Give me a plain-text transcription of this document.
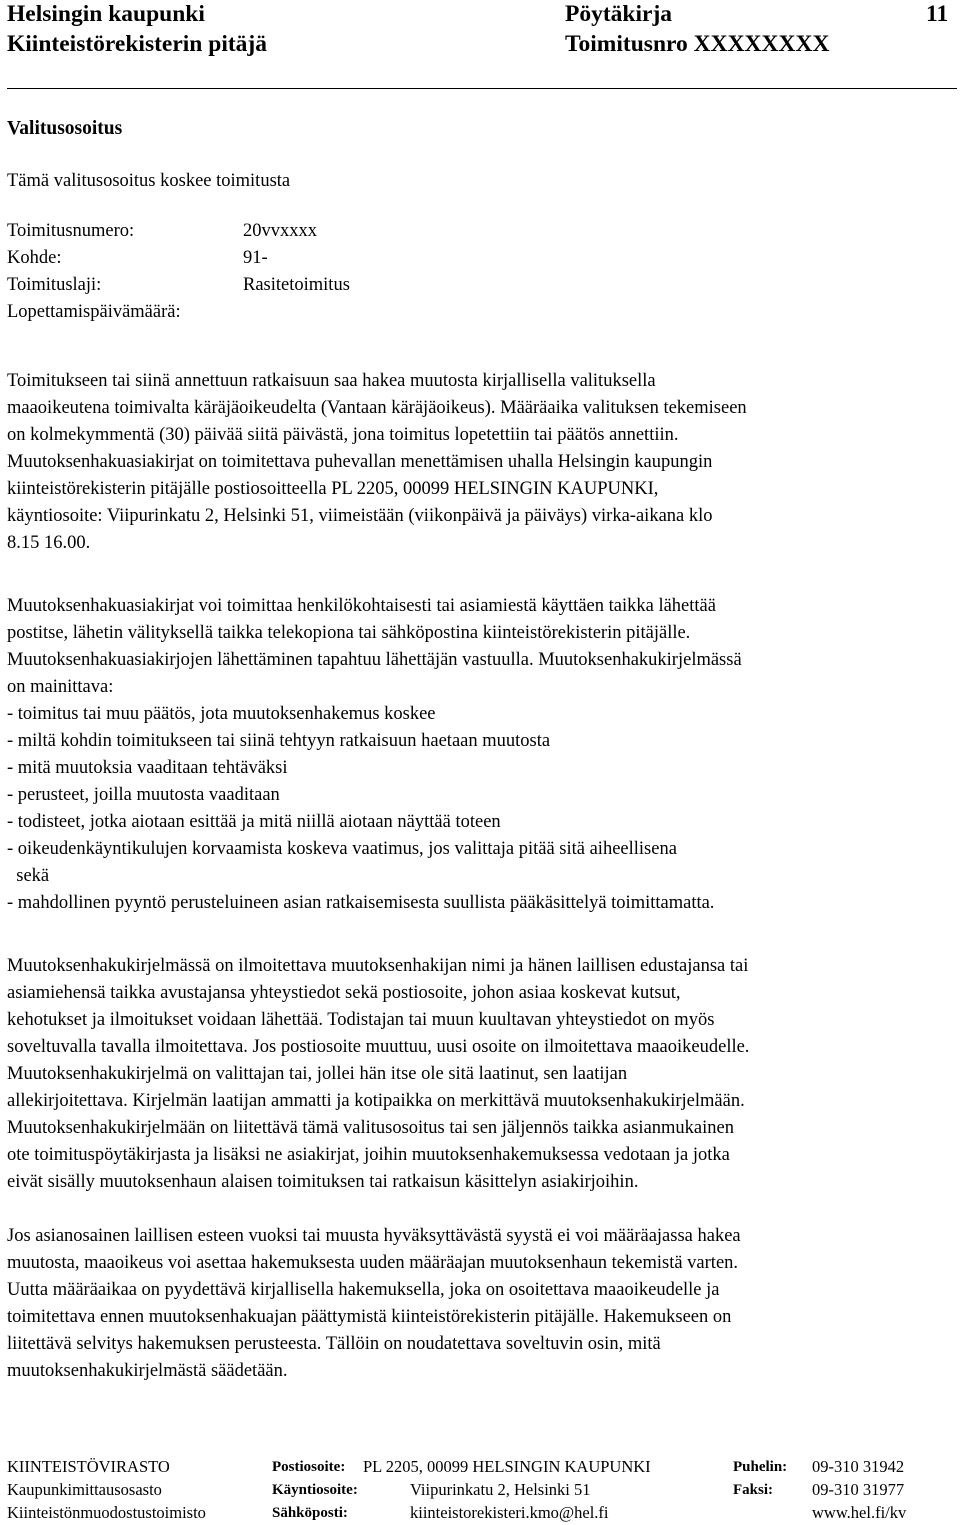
Helsingin kaupunki
Kiinteistörekisterin pitäjä
Pöytäkirja
Toimitusnro XXXXXXXX
11
Valitusosoitus
Tämä valitusosoitus koskee toimitusta
Toimitusnumero:	20vvxxxx
Kohde:	91-
Toimituslaji:	Rasitetoimitus
Lopettamispäivämäärä:
Toimitukseen tai siinä annettuun ratkaisuun saa hakea muutosta kirjallisella valituksella
maaoikeutena toimivalta käräjäoikeudelta (Vantaan käräjäoikeus). Määräaika valituksen tekemiseen
on kolmekymmentä (30) päivää siitä päivästä, jona toimitus lopetettiin tai päätös annettiin.
Muutoksenhakuasiakirjat on toimitettava puhevallan menettämisen uhalla Helsingin kaupungin
kiinteistörekisterin pitäjälle postiosoitteella PL 2205, 00099 HELSINGIN KAUPUNKI,
käyntiosoite: Viipurinkatu 2, Helsinki 51, viimeistään (viikonpäivä ja päiväys) virka-aikana klo
8.15 16.00.
Muutoksenhakuasiakirjat voi toimittaa henkilökohtaisesti tai asiamiestä käyttäen taikka lähettää
postitse, lähetin välityksellä taikka telekopiona tai sähköpostina kiinteistörekisterin pitäjälle.
Muutoksenhakuasiakirjojen lähettäminen tapahtuu lähettäjän vastuulla. Muutoksenhakukirjelmässä
on mainittava:
- toimitus tai muu päätös, jota muutoksenhakemus koskee
- miltä kohdin toimitukseen tai siinä tehtyyn ratkaisuun haetaan muutosta
- mitä muutoksia vaaditaan tehtäväksi
- perusteet, joilla muutosta vaaditaan
- todisteet, jotka aiotaan esittää ja mitä niillä aiotaan näyttää toteen
- oikeudenkäyntikulujen korvaamista koskeva vaatimus, jos valittaja pitää sitä aiheellisena
sekä
- mahdollinen pyyntö perusteluineen asian ratkaisemisesta suullista pääkäsittelyä toimittamatta.
Muutoksenhakukirjelmässä on ilmoitettava muutoksenhakijan nimi ja hänen laillisen edustajansa tai
asiamiehensä taikka avustajansa yhteystiedot sekä postiosoite, johon asiaa koskevat kutsut,
kehotukset ja ilmoitukset voidaan lähettää. Todistajan tai muun kuultavan yhteystiedot on myös
soveltuvalla tavalla ilmoitettava. Jos postiosoite muuttuu, uusi osoite on ilmoitettava maaoikeudelle.
Muutoksenhakukirjelmä on valittajan tai, jollei hän itse ole sitä laatinut, sen laatijan
allekirjoitettava. Kirjelmän laatijan ammatti ja kotipaikka on merkittävä muutoksenhakukirjelmään.
Muutoksenhakukirjelmään on liitettävä tämä valitusosoitus tai sen jäljennös taikka asianmukainen
ote toimituspöytäkirjasta ja lisäksi ne asiakirjat, joihin muutoksenhakemuksessa vedotaan ja jotka
eivät sisälly muutoksenhaun alaisen toimituksen tai ratkaisun käsittelyn asiakirjoihin.
Jos asianosainen laillisen esteen vuoksi tai muusta hyväksyttävästä syystä ei voi määräajassa hakea
muutosta, maaoikeus voi asettaa hakemuksesta uuden määräajan muutoksenhaun tekemistä varten.
Uutta määräaikaa on pyydettävä kirjallisella hakemuksella, joka on osoitettava maaoikeudelle ja
toimitettava ennen muutoksenhakuajan päättymistä kiinteistörekisterin pitäjälle. Hakemukseen on
liitettävä selvitys hakemuksen perusteesta. Tällöin on noudatettava soveltuvin osin, mitä
muutoksenhakukirjelmästä säädetään.
KIINTEISTÖVIRASTO
Kaupunkimittausosasto
Kiinteistönmuodostustoimisto
Postiosoite: PL 2205, 00099 HELSINGIN KAUPUNKI
Käyntiosoite:	Viipurinkatu 2, Helsinki 51
Sähköposti:	kiinteistorekisteri.kmo@hel.fi
Puhelin: 09-310 31942
Faksi: 09-310 31977
www.hel.fi/kv
